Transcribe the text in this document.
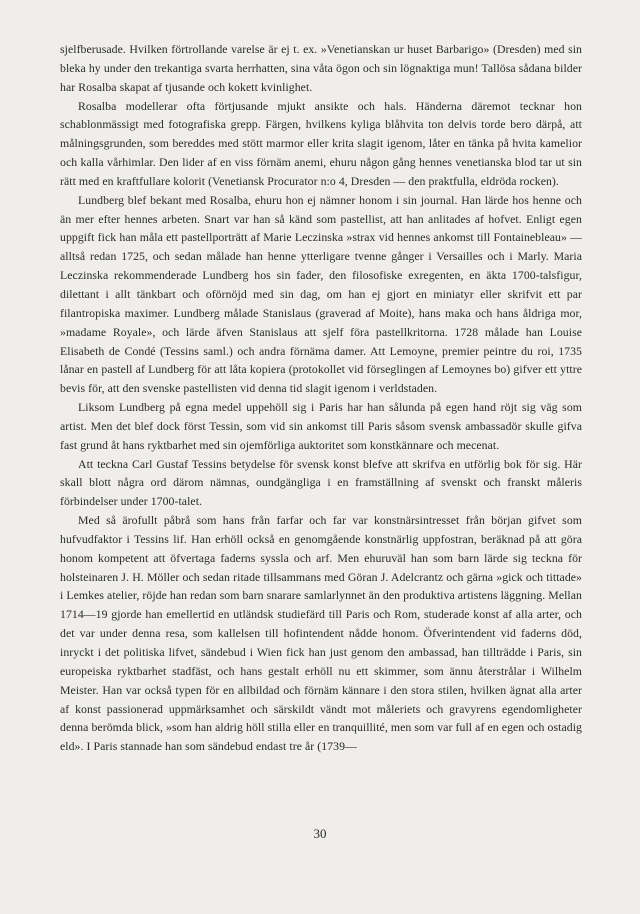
sjelfberusade. Hvilken förtrollande varelse är ej t. ex. »Venetianskan ur huset Barbarigo» (Dresden) med sin bleka hy under den trekantiga svarta herrhatten, sina våta ögon och sin lögnaktiga mun! Tallösa sådana bilder har Rosalba skapat af tjusande och kokett kvinlighet.

Rosalba modellerar ofta förtjusande mjukt ansikte och hals. Händerna däremot tecknar hon schablonmässigt med fotografiska grepp. Färgen, hvilkens kyliga blåhvita ton delvis torde bero därpå, att målningsgrunden, som bereddes med stött marmor eller krita slagit igenom, låter en tänka på hvita kamelior och kalla vårhimlar. Den lider af en viss förnäm anemi, ehuru någon gång hennes venetianska blod tar ut sin rätt med en kraftfullare kolorit (Venetiansk Procurator n:o 4, Dresden — den praktfulla, eldröda rocken).

Lundberg blef bekant med Rosalba, ehuru hon ej nämner honom i sin journal. Han lärde hos henne och än mer efter hennes arbeten. Snart var han så känd som pastellist, att han anlitades af hofvet. Enligt egen uppgift fick han måla ett pastellporträtt af Marie Leczinska »strax vid hennes ankomst till Fontainebleau» — alltså redan 1725, och sedan målade han henne ytterligare tvenne gånger i Versailles och i Marly. Maria Leczinska rekommenderade Lundberg hos sin fader, den filosofiske exregenten, en äkta 1700-talsfigur, dilettant i allt tänkbart och oförnöjd med sin dag, om han ej gjort en miniatyr eller skrifvit ett par filantropiska maximer. Lundberg målade Stanislaus (graverad af Moite), hans maka och hans åldriga mor, »madame Royale», och lärde äfven Stanislaus att sjelf föra pastellkritorna. 1728 målade han Louise Elisabeth de Condé (Tessins saml.) och andra förnäma damer. Att Lemoyne, premier peintre du roi, 1735 lånar en pastell af Lundberg för att låta kopiera (protokollet vid förseglingen af Lemoynes bo) gifver ett yttre bevis för, att den svenske pastellisten vid denna tid slagit igenom i verldstaden.

Liksom Lundberg på egna medel uppehöll sig i Paris har han sålunda på egen hand röjt sig väg som artist. Men det blef dock först Tessin, som vid sin ankomst till Paris såsom svensk ambassadör skulle gifva fast grund åt hans ryktbarhet med sin ojemförliga auktoritet som konstkännare och mecenat.

Att teckna Carl Gustaf Tessins betydelse för svensk konst blefve att skrifva en utförlig bok för sig. Här skall blott några ord därom nämnas, oundgängliga i en framställning af svenskt och franskt måleris förbindelser under 1700-talet.

Med så ärofullt påbrå som hans från farfar och far var konstnärsintresset från början gifvet som hufvudfaktor i Tessins lif. Han erhöll också en genomgående konstnärlig uppfostran, beräknad på att göra honom kompetent att öfvertaga faderns syssla och arf. Men ehuruväl han som barn lärde sig teckna för holsteinaren J. H. Möller och sedan ritade tillsammans med Göran J. Adelcrantz och gärna »gick och tittade» i Lemkes atelier, röjde han redan som barn snarare samlarlynnet än den produktiva artistens läggning. Mellan 1714—19 gjorde han emellertid en utländsk studiefärd till Paris och Rom, studerade konst af alla arter, och det var under denna resa, som kallelsen till hofintendent nådde honom. Öfverintendent vid faderns död, inryckt i det politiska lifvet, sändebud i Wien fick han just genom den ambassad, han tillträdde i Paris, sin europeiska ryktbarhet stadfäst, och hans gestalt erhöll nu ett skimmer, som ännu återstrålar i Wilhelm Meister. Han var också typen för en allbildad och förnäm kännare i den stora stilen, hvilken ägnat alla arter af konst passionerad uppmärksamhet och särskildt vändt mot måleriets och gravyrens egendomligheter denna berömda blick, »som han aldrig höll stilla eller en tranquillité, men som var full af en egen och ostadig eld». I Paris stannade han som sändebud endast tre år (1739—

30
